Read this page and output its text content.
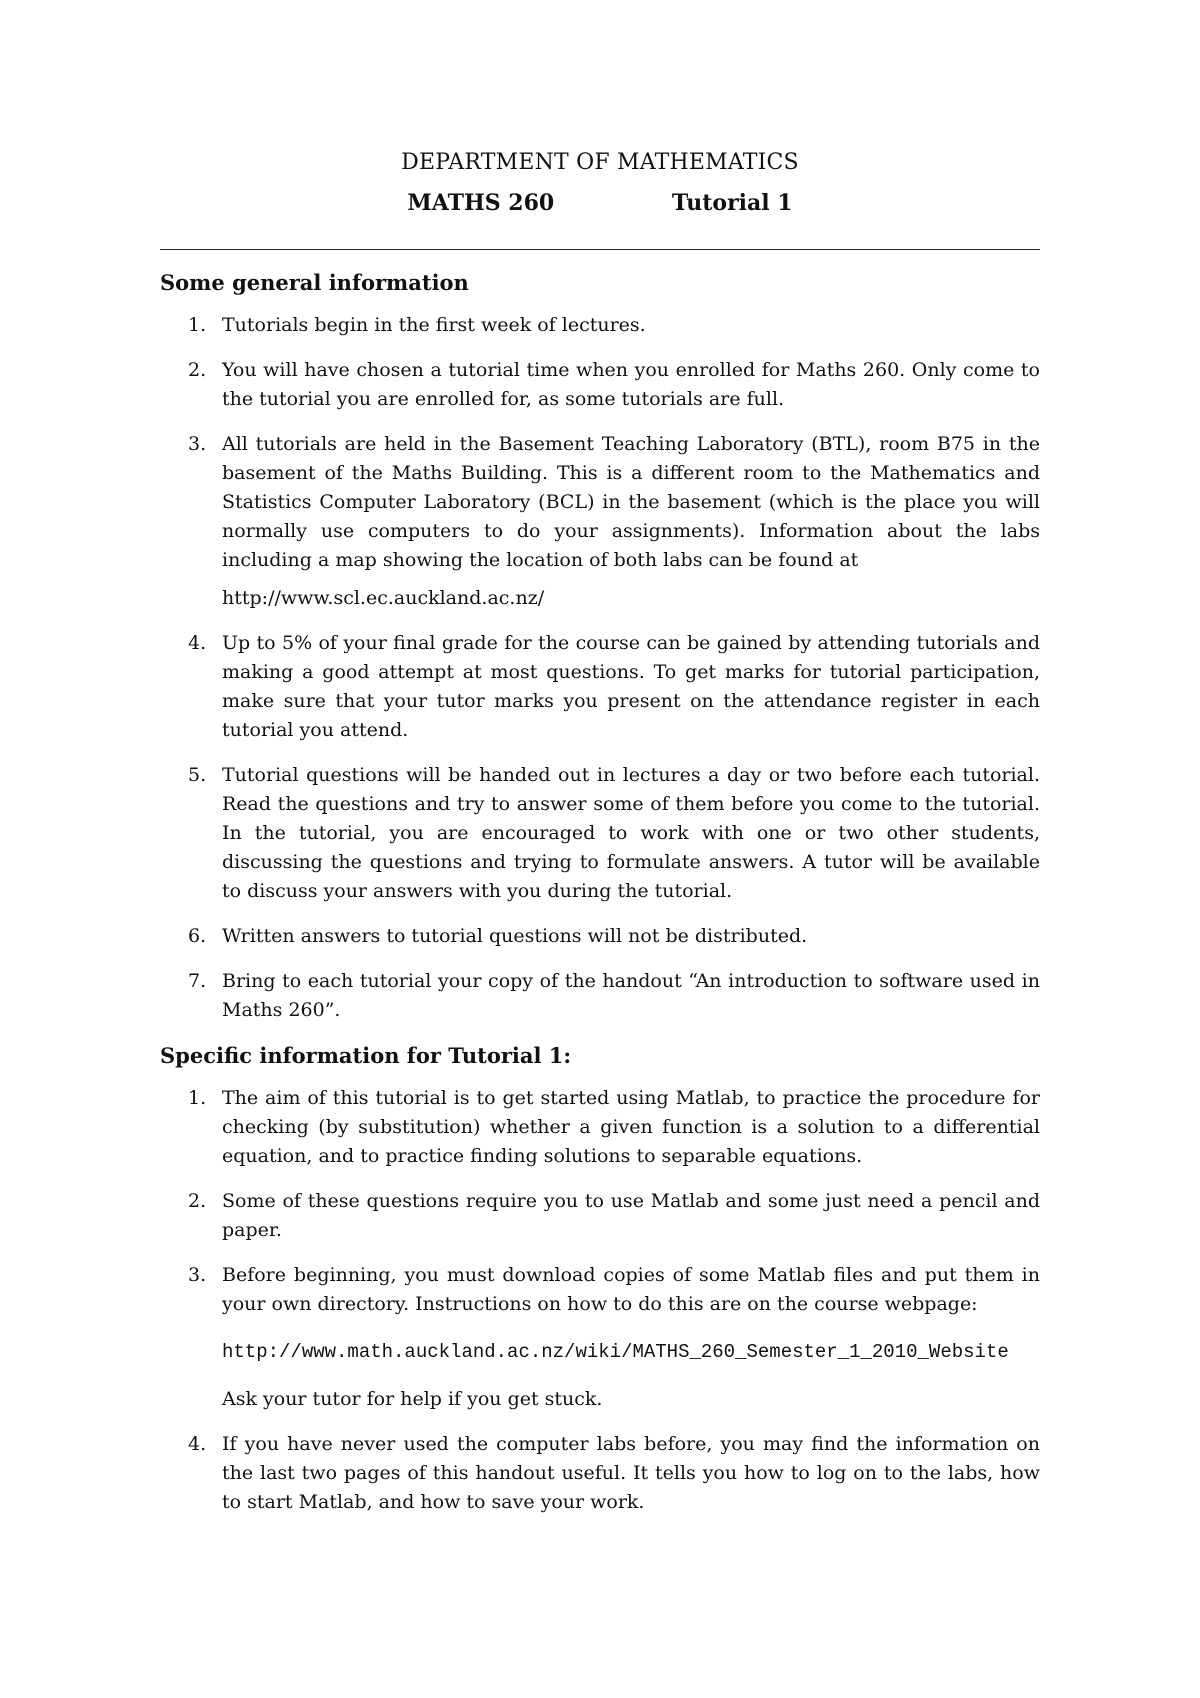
DEPARTMENT OF MATHEMATICS
MATHS 260	Tutorial 1
Some general information
1. Tutorials begin in the first week of lectures.
2. You will have chosen a tutorial time when you enrolled for Maths 260. Only come to the tutorial you are enrolled for, as some tutorials are full.
3. All tutorials are held in the Basement Teaching Laboratory (BTL), room B75 in the basement of the Maths Building. This is a different room to the Mathematics and Statistics Computer Laboratory (BCL) in the basement (which is the place you will normally use computers to do your assignments). Information about the labs including a map showing the location of both labs can be found at
http://www.scl.ec.auckland.ac.nz/
4. Up to 5% of your final grade for the course can be gained by attending tutorials and making a good attempt at most questions. To get marks for tutorial participation, make sure that your tutor marks you present on the attendance register in each tutorial you attend.
5. Tutorial questions will be handed out in lectures a day or two before each tutorial. Read the questions and try to answer some of them before you come to the tutorial. In the tutorial, you are encouraged to work with one or two other students, discussing the questions and trying to formulate answers. A tutor will be available to discuss your answers with you during the tutorial.
6. Written answers to tutorial questions will not be distributed.
7. Bring to each tutorial your copy of the handout “An introduction to software used in Maths 260”.
Specific information for Tutorial 1:
1. The aim of this tutorial is to get started using Matlab, to practice the procedure for checking (by substitution) whether a given function is a solution to a differential equation, and to practice finding solutions to separable equations.
2. Some of these questions require you to use Matlab and some just need a pencil and paper.
3. Before beginning, you must download copies of some Matlab files and put them in your own directory. Instructions on how to do this are on the course webpage:
http://www.math.auckland.ac.nz/wiki/MATHS_260_Semester_1_2010_Website
Ask your tutor for help if you get stuck.
4. If you have never used the computer labs before, you may find the information on the last two pages of this handout useful. It tells you how to log on to the labs, how to start Matlab, and how to save your work.
